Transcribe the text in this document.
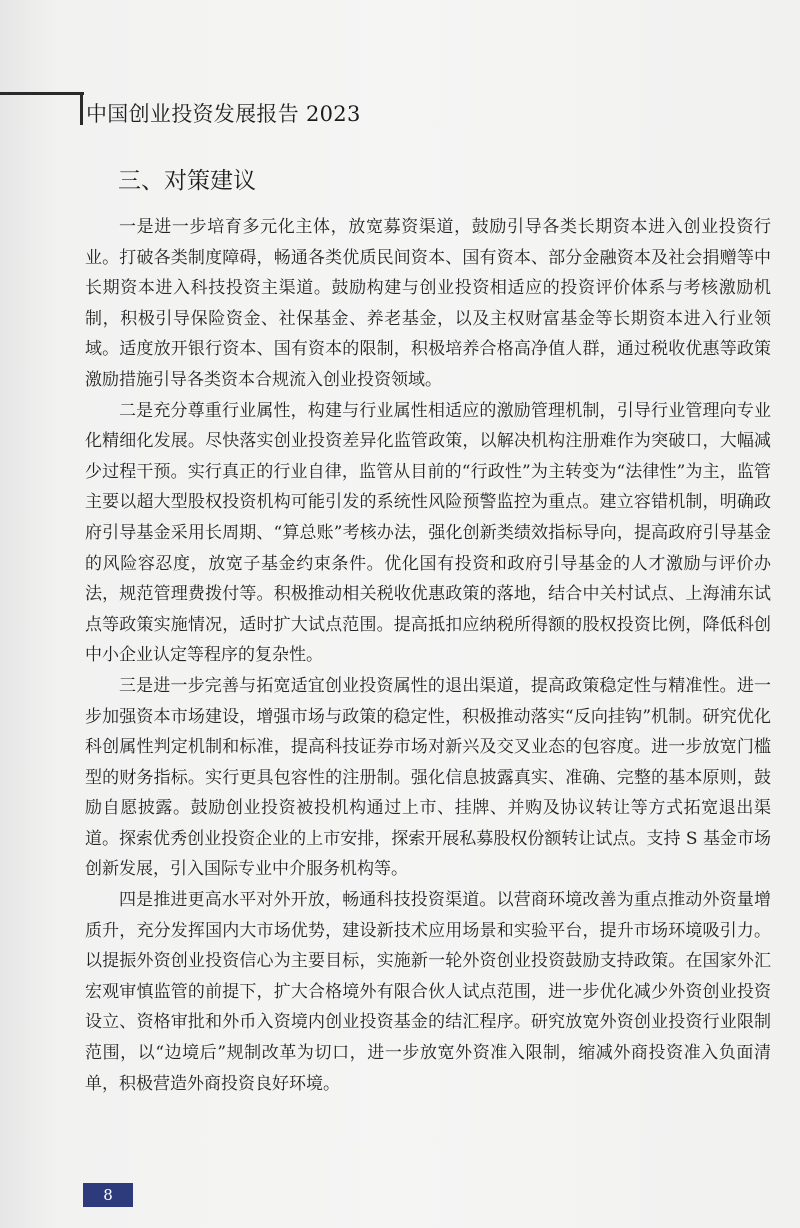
中国创业投资发展报告 2023
三、对策建议

一是进一步培育多元化主体，放宽募资渠道，鼓励引导各类长期资本进入创业投资行业。打破各类制度障碍，畅通各类优质民间资本、国有资本、部分金融资本及社会捐赠等中长期资本进入科技投资主渠道。鼓励构建与创业投资相适应的投资评价体系与考核激励机制，积极引导保险资金、社保基金、养老基金，以及主权财富基金等长期资本进入行业领域。适度放开银行资本、国有资本的限制，积极培养合格高净值人群，通过税收优惠等政策激励措施引导各类资本合规流入创业投资领域。

二是充分尊重行业属性，构建与行业属性相适应的激励管理机制，引导行业管理向专业化精细化发展。尽快落实创业投资差异化监管政策，以解决机构注册难作为突破口，大幅减少过程干预。实行真正的行业自律，监管从目前的“行政性”为主转变为“法律性”为主，监管主要以超大型股权投资机构可能引发的系统性风险预警监控为重点。建立容错机制，明确政府引导基金采用长周期、“算总账”考核办法，强化创新类绩效指标导向，提高政府引导基金的风险容忍度，放宽子基金约束条件。优化国有投资和政府引导基金的人才激励与评价办法，规范管理费拨付等。积极推动相关税收优惠政策的落地，结合中关村试点、上海浦东试点等政策实施情况，适时扩大试点范围。提高抵扣应纳税所得额的股权投资比例，降低科创中小企业认定等程序的复杂性。

三是进一步完善与拓宽适宜创业投资属性的退出渠道，提高政策稳定性与精准性。进一步加强资本市场建设，增强市场与政策的稳定性，积极推动落实“反向挂钩”机制。研究优化科创属性判定机制和标准，提高科技证券市场对新兴及交叉业态的包容度。进一步放宽门槛型的财务指标。实行更具包容性的注册制。强化信息披露真实、准确、完整的基本原则，鼓励自愿披露。鼓励创业投资被投机构通过上市、挂牌、并购及协议转让等方式拓宽退出渠道。探索优秀创业投资企业的上市安排，探索开展私募股权份额转让试点。支持 S 基金市场创新发展，引入国际专业中介服务机构等。

四是推进更高水平对外开放，畅通科技投资渠道。以营商环境改善为重点推动外资量增质升，充分发挥国内大市场优势，建设新技术应用场景和实验平台，提升市场环境吸引力。以提振外资创业投资信心为主要目标，实施新一轮外资创业投资鼓励支持政策。在国家外汇宏观审慎监管的前提下，扩大合格境外有限合伙人试点范围，进一步优化减少外资创业投资设立、资格审批和外币入资境内创业投资基金的结汇程序。研究放宽外资创业投资行业限制范围，以“边境后”规制改革为切口，进一步放宽外资准入限制，缩减外商投资准入负面清单，积极营造外商投资良好环境。

8
